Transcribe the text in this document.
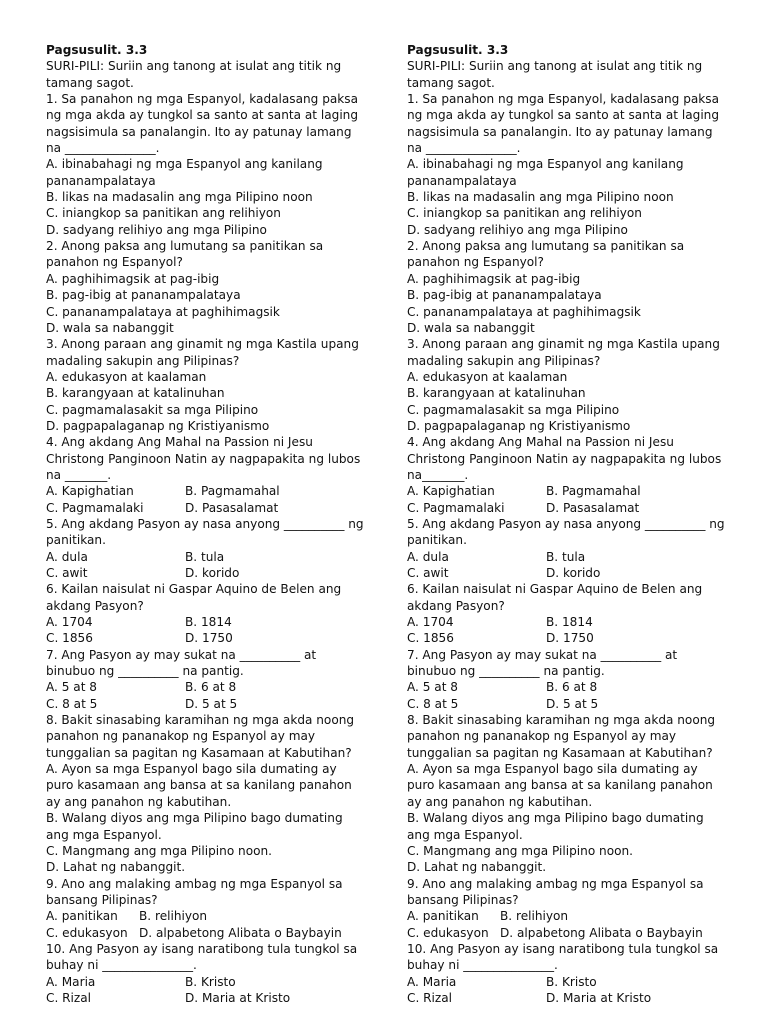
Pagsusulit. 3.3
SURI-PILI: Suriin ang tanong at isulat ang titik ng tamang sagot.
1. Sa panahon ng mga Espanyol, kadalasang paksa ng mga akda ay tungkol sa santo at santa at laging nagsisimula sa panalangin. Ito ay patunay lamang na _______________.
A. ibinabahagi ng mga Espanyol ang kanilang pananampalataya
B. likas na madasalin ang mga Pilipino noon
C. iniangkop sa panitikan ang relihiyon
D. sadyang relihiyo ang mga Pilipino
2. Anong paksa ang lumutang sa panitikan sa panahon ng Espanyol?
A. paghihimagsik at pag-ibig
B. pag-ibig at pananampalataya
C. pananampalataya at paghihimagsik
D. wala sa nabanggit
3. Anong paraan ang ginamit ng mga Kastila upang madaling sakupin ang Pilipinas?
A. edukasyon at kaalaman
B. karangyaan at katalinuhan
C. pagmamalasakit sa mga Pilipino
D. pagpapalaganap ng Kristiyanismo
4. Ang akdang Ang Mahal na Passion ni Jesu Christong Panginoon Natin ay nagpapakita ng lubos na _______.
A. Kapighatian	B. Pagmamahal
C. Pagmamalaki	D. Pasasalamat
5. Ang akdang Pasyon ay nasa anyong __________ ng
panitikan.
A. dula	B. tula
C. awit	D. korido
6. Kailan naisulat ni Gaspar Aquino de Belen ang akdang Pasyon?
A. 1704	B. 1814
C. 1856	D. 1750
7. Ang Pasyon ay may sukat na __________ at
binubuo ng __________ na pantig.
A. 5 at 8	B. 6 at 8
C. 8 at 5	D. 5 at 5
8. Bakit sinasabing karamihan ng mga akda noong panahon ng pananakop ng Espanyol ay may tunggalian sa pagitan ng Kasamaan at Kabutihan?
A. Ayon sa mga Espanyol bago sila dumating ay puro kasamaan ang bansa at sa kanilang panahon ay ang panahon ng kabutihan.
B. Walang diyos ang mga Pilipino bago dumating ang mga Espanyol.
C. Mangmang ang mga Pilipino noon.
D. Lahat ng nabanggit.
9. Ano ang malaking ambag ng mga Espanyol sa bansang Pilipinas?
A. panitikan	B. relihiyon
C. edukasyon D. alpabetong Alibata o Baybayin
10. Ang Pasyon ay isang naratibong tula tungkol sa
buhay ni _______________.
A. Maria	B. Kristo
C. Rizal	D. Maria at Kristo
Pagsusulit. 3.3
SURI-PILI: Suriin ang tanong at isulat ang titik ng tamang sagot.
1. Sa panahon ng mga Espanyol, kadalasang paksa ng mga akda ay tungkol sa santo at santa at laging nagsisimula sa panalangin. Ito ay patunay lamang na _______________.
A. ibinabahagi ng mga Espanyol ang kanilang pananampalataya
B. likas na madasalin ang mga Pilipino noon
C. iniangkop sa panitikan ang relihiyon
D. sadyang relihiyo ang mga Pilipino
2. Anong paksa ang lumutang sa panitikan sa panahon ng Espanyol?
A. paghihimagsik at pag-ibig
B. pag-ibig at pananampalataya
C. pananampalataya at paghihimagsik
D. wala sa nabanggit
3. Anong paraan ang ginamit ng mga Kastila upang madaling sakupin ang Pilipinas?
A. edukasyon at kaalaman
B. karangyaan at katalinuhan
C. pagmamalasakit sa mga Pilipino
D. pagpapalaganap ng Kristiyanismo
4. Ang akdang Ang Mahal na Passion ni Jesu Christong Panginoon Natin ay nagpapakita ng lubos na_______.
A. Kapighatian	B. Pagmamahal
C. Pagmamalaki	D. Pasasalamat
5. Ang akdang Pasyon ay nasa anyong __________ ng
panitikan.
A. dula	B. tula
C. awit	D. korido
6. Kailan naisulat ni Gaspar Aquino de Belen ang akdang Pasyon?
A. 1704	B. 1814
C. 1856	D. 1750
7. Ang Pasyon ay may sukat na __________ at
binubuo ng __________ na pantig.
A. 5 at 8	B. 6 at 8
C. 8 at 5	D. 5 at 5
8. Bakit sinasabing karamihan ng mga akda noong panahon ng pananakop ng Espanyol ay may tunggalian sa pagitan ng Kasamaan at Kabutihan?
A. Ayon sa mga Espanyol bago sila dumating ay puro kasamaan ang bansa at sa kanilang panahon ay ang panahon ng kabutihan.
B. Walang diyos ang mga Pilipino bago dumating ang mga Espanyol.
C. Mangmang ang mga Pilipino noon.
D. Lahat ng nabanggit.
9. Ano ang malaking ambag ng mga Espanyol sa bansang Pilipinas?
A. panitikan	B. relihiyon
C. edukasyon D. alpabetong Alibata o Baybayin
10. Ang Pasyon ay isang naratibong tula tungkol sa
buhay ni _______________.
A. Maria	B. Kristo
C. Rizal	D. Maria at Kristo
